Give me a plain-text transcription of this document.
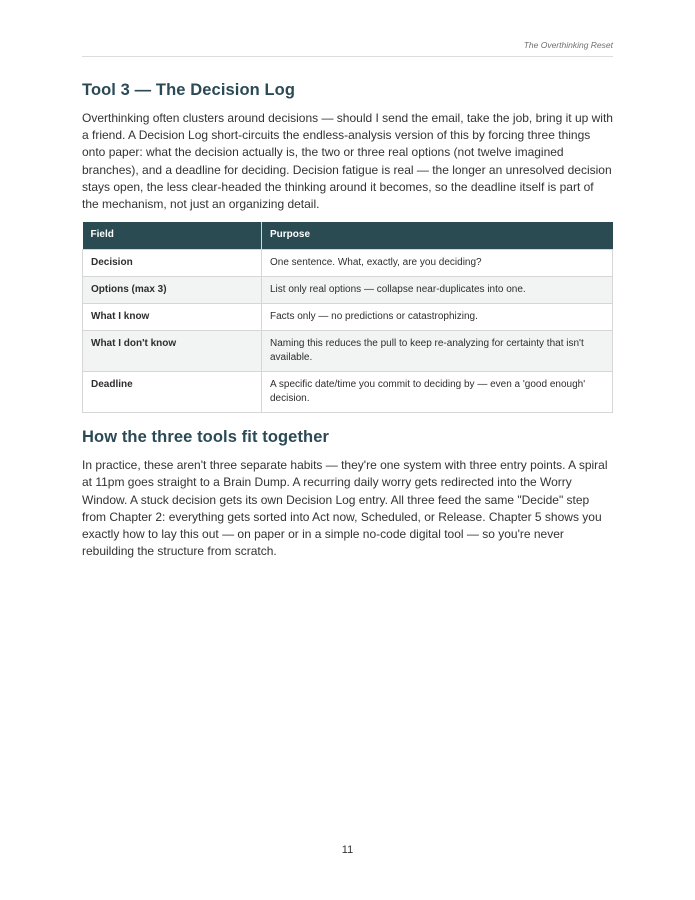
The Overthinking Reset
Tool 3 — The Decision Log

Overthinking often clusters around decisions — should I send the email, take the job, bring it up with a friend. A Decision Log short-circuits the endless-analysis version of this by forcing three things onto paper: what the decision actually is, the two or three real options (not twelve imagined branches), and a deadline for deciding. Decision fatigue is real — the longer an unresolved decision stays open, the less clear-headed the thinking around it becomes, so the deadline itself is part of the mechanism, not just an organizing detail.

Field	Purpose
Decision	One sentence. What, exactly, are you deciding?
Options (max 3)	List only real options — collapse near-duplicates into one.
What I know	Facts only — no predictions or catastrophizing.
What I don't know	Naming this reduces the pull to keep re-analyzing for certainty that isn't available.
Deadline	A specific date/time you commit to deciding by — even a 'good enough' decision.
How the three tools fit together

In practice, these aren't three separate habits — they're one system with three entry points. A spiral at 11pm goes straight to a Brain Dump. A recurring daily worry gets redirected into the Worry Window. A stuck decision gets its own Decision Log entry. All three feed the same "Decide" step from Chapter 2: everything gets sorted into Act now, Scheduled, or Release. Chapter 5 shows you exactly how to lay this out — on paper or in a simple no-code digital tool — so you're never rebuilding the structure from scratch.

11
